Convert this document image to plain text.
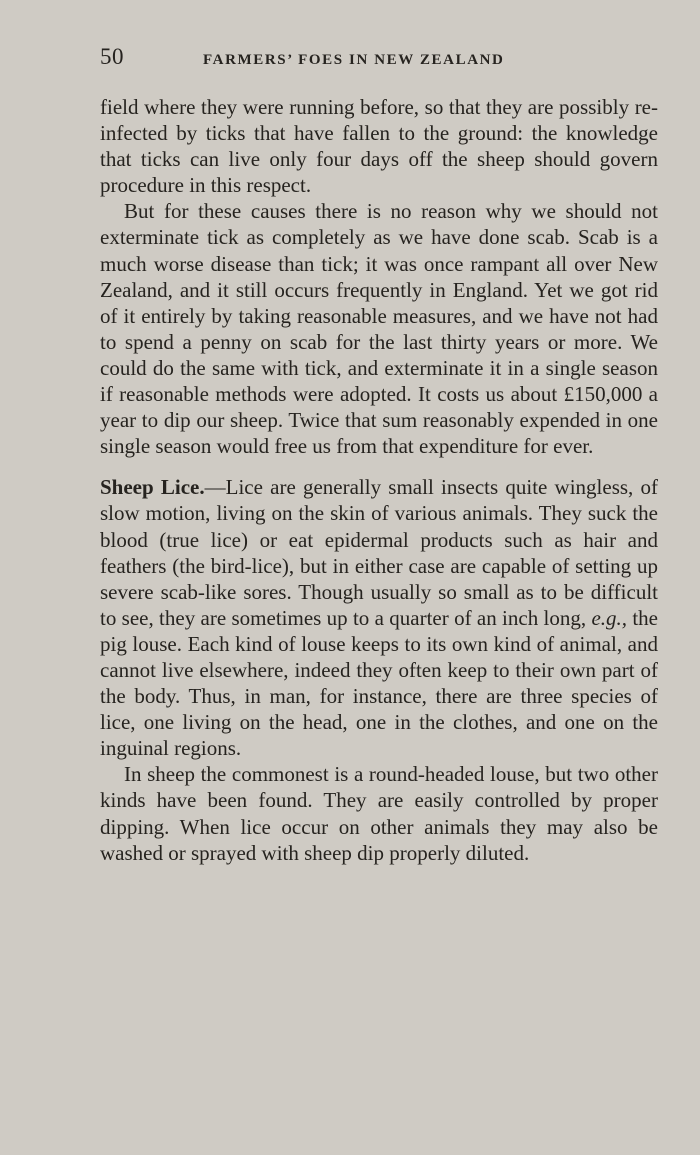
50	FARMERS’ FOES IN NEW ZEALAND

field where they were running before, so that they are possibly re-infected by ticks that have fallen to the ground: the knowledge that ticks can live only four days off the sheep should govern procedure in this respect.

But for these causes there is no reason why we should not exterminate tick as completely as we have done scab. Scab is a much worse disease than tick; it was once rampant all over New Zealand, and it still occurs frequently in England. Yet we got rid of it entirely by taking reasonable measures, and we have not had to spend a penny on scab for the last thirty years or more. We could do the same with tick, and exterminate it in a single season if reasonable methods were adopted. It costs us about £150,000 a year to dip our sheep. Twice that sum reasonably expended in one single season would free us from that expenditure for ever.

Sheep Lice.—Lice are generally small insects quite wingless, of slow motion, living on the skin of various animals. They suck the blood (true lice) or eat epidermal products such as hair and feathers (the bird-lice), but in either case are capable of setting up severe scab-like sores. Though usually so small as to be difficult to see, they are sometimes up to a quarter of an inch long, e.g., the pig louse. Each kind of louse keeps to its own kind of animal, and cannot live elsewhere, indeed they often keep to their own part of the body. Thus, in man, for instance, there are three species of lice, one living on the head, one in the clothes, and one on the inguinal regions.

In sheep the commonest is a round-headed louse, but two other kinds have been found. They are easily controlled by proper dipping. When lice occur on other animals they may also be washed or sprayed with sheep dip properly diluted.
